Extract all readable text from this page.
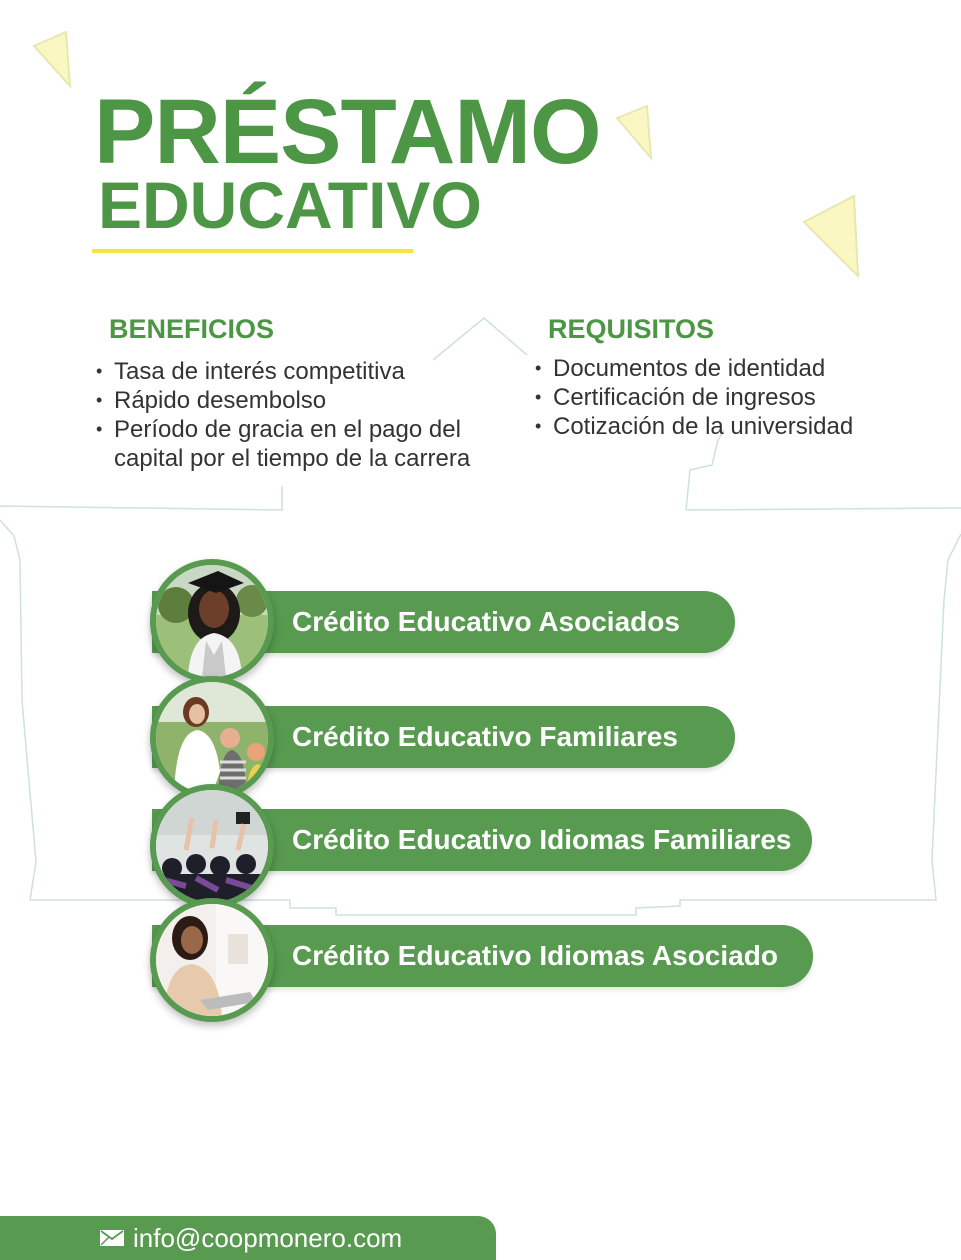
PRÉSTAMO
EDUCATIVO
BENEFICIOS
• Tasa de interés competitiva
• Rápido desembolso
• Período de gracia en el pago del capital por el tiempo de la carrera
REQUISITOS
• Documentos de identidad
• Certificación de ingresos
• Cotización de la universidad
Crédito Educativo Asociados
Crédito Educativo Familiares
Crédito Educativo Idiomas Familiares
Crédito Educativo Idiomas Asociado
info@coopmonero.com
